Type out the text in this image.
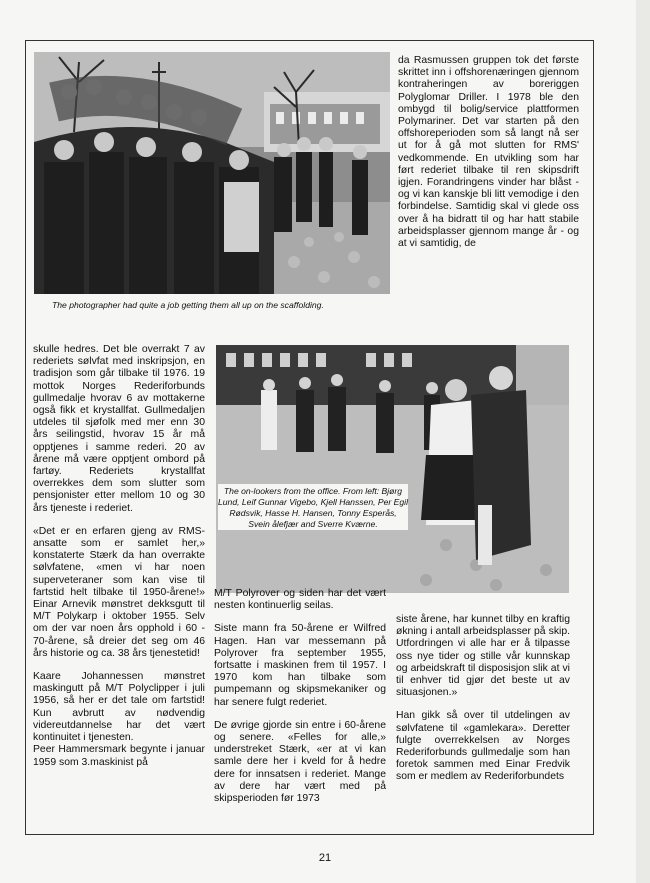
The photographer had quite a job getting them all up on the scaffolding.

da Rasmussen gruppen tok det første skrittet inn i offshorenæringen gjennom kontraheringen av boreriggen Polyglomar Driller. I 1978 ble den ombygd til bolig/service plattformen Polymariner. Det var starten på den offshoreperioden som så langt nå ser ut for å gå mot slutten for RMS' vedkommende. En utvikling som har ført rederiet tilbake til ren skipsdrift igjen. Forandringens vinder har blåst - og vi kan kanskje bli litt vemodige i den forbindelse. Samtidig skal vi glede oss over å ha bidratt til og har hatt stabile arbeidsplasser gjennom mange år - og at vi samtidig, de

skulle hedres. Det ble overrakt 7 av rederiets sølvfat med inskripsjon, en tradisjon som går tilbake til 1976. 19 mottok Norges Rederiforbunds gullmedalje hvorav 6 av mottakerne også fikk et krystallfat. Gullmedaljen utdeles til sjøfolk med mer enn 30 års seilingstid, hvorav 15 år må opptjenes i samme rederi. 20 av årene må være opptjent ombord på fartøy. Rederiets krystallfat overrekkes dem som slutter som pensjonister etter mellom 10 og 30 års tjeneste i rederiet.

«Det er en erfaren gjeng av RMS-ansatte som er samlet her,» konstaterte Stærk da han overrakte sølvfatene, «men vi har noen superveteraner som kan vise til fartstid helt tilbake til 1950-årene!» Einar Arnevik mønstret dekksgutt til M/T Polykarp i oktober 1955. Selv om der var noen års opphold i 60 - 70-årene, så dreier det seg om 46 års historie og ca. 38 års tjenestetid!

Kaare Johannessen mønstret maskingutt på M/T Polyclipper i juli 1956, så her er det tale om fartstid! Kun avbrutt av nødvendig videreutdannelse har det vært kontinuitet i tjenesten.

Peer Hammersmark begynte i januar 1959 som 3.maskinist på

The on-lookers from the office. From left: Bjørg Lund, Leif Gunnar Vigebo, Kjell Hanssen, Per Egil Rødsvik, Hasse H. Hansen, Tonny Esperås, Svein ålefjær and Sverre Kværne.

M/T Polyrover og siden har det vært nesten kontinuerlig seilas.

Siste mann fra 50-årene er Wilfred Hagen. Han var messemann på Polyrover fra september 1955, fortsatte i maskinen frem til 1957. I 1970 kom han tilbake som pumpemann og skipsmekaniker og har senere fulgt rederiet.

De øvrige gjorde sin entre i 60-årene og senere. «Felles for alle,» understreket Stærk, «er at vi kan samle dere her i kveld for å hedre dere for innsatsen i rederiet. Mange av dere har vært med på skipsperioden før 1973

siste årene, har kunnet tilby en kraftig økning i antall arbeidsplasser på skip. Utfordringen vi alle har er å tilpasse oss nye tider og stille vår kunnskap og arbeidskraft til disposisjon slik at vi til enhver tid gjør det beste ut av situasjonen.»

Han gikk så over til utdelingen av sølvfatene til «gamlekara». Deretter fulgte overrekkelsen av Norges Rederiforbunds gullmedalje som han foretok sammen med Einar Fredvik som er medlem av Rederiforbundets

21
